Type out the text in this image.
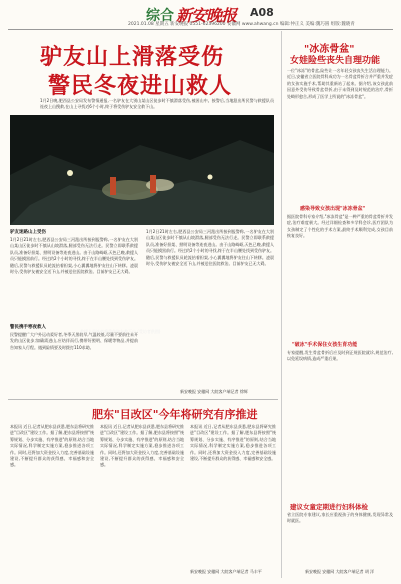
综合 新安晚报 A08
2021.01.08 星期五 新安晚报 0551-62396200 安徽网 www.ahwang.cn 编辑:仲正义 美编:魏巧圆 组版:魏晓青
驴友山上滑落受伤
警民冬夜进山救人
1月2日晚,肥西县公安局发布警情通报,一名驴友在大别山某山区徒步时不慎滑落受伤,被困山中。接警后,当地派出所民警与救援队员连夜上山搜救,在山上寻找近6个小时,终于将受伤驴友安全救下山。
救援人员连夜将受伤驴友救下山 (受访者供图)
驴友迷路山上受伤
1月2日21时左右,肥西县公安局三河派出所接到报警称,一名驴友在大别山某山区徒步时不慎从山坡滑落,腿部受伤无法行走。民警立即联系救援队员,准备好担架、照明设备等连夜进山。由于山路崎岖,天色已晚,救援人员只能摸黑前行。经过约2个小时的寻找,终于在半山腰处找到受伤驴友。随后,民警与救援队员轮流抬着担架,小心翼翼地将驴友往山下转移。凌晨时分,受伤驴友被安全送下山,并被送往医院救治。目前驴友已无大碍。
警民携手寒夜救人
民警提醒广大户外运动爱好者,冬季天黑较早,气温较低,尽量不要前往未开发的山区徒步;如确需进山,应结伴而行,携带好照明、保暖等物品,并提前告知家人行程。遇到险情要及时拨打110求助。
1月2日21时左右,肥西县公安局三河派出所接到报警称,一名驴友在大别山某山区徒步时不慎从山坡滑落,腿部受伤无法行走。民警立即联系救援队员,准备好担架、照明设备等连夜进山。由于山路崎岖,天色已晚,救援人员只能摸黑前行。经过约2个小时的寻找,终于在半山腰处找到受伤驴友。随后,民警与救援队员轮流抬着担架,小心翼翼地将驴友往山下转移。凌晨时分,受伤驴友被安全送下山,并被送往医院救治。目前驴友已无大碍。
新安晚报 安徽网 大皖客户端记者 徐辉
肥东"目改区"今年将研究有序推进
本报讯 近日,记者从肥东县获悉,肥东县将研究推进"目改区"建设工作。据了解,肥东县将按照"统筹规划、分步实施、有序推进"的原则,结合当地实际情况,科学制定实施方案,稳步推进各项工作。同时,还将加大资金投入力度,完善基础设施建设,不断提升群众的获得感、幸福感和安全感。
本报讯 近日,记者从肥东县获悉,肥东县将研究推进"目改区"建设工作。据了解,肥东县将按照"统筹规划、分步实施、有序推进"的原则,结合当地实际情况,科学制定实施方案,稳步推进各项工作。同时,还将加大资金投入力度,完善基础设施建设,不断提升群众的获得感、幸福感和安全感。
本报讯 近日,记者从肥东县获悉,肥东县将研究推进"目改区"建设工作。据了解,肥东县将按照"统筹规划、分步实施、有序推进"的原则,结合当地实际情况,科学制定实施方案,稳步推进各项工作。同时,还将加大资金投入力度,完善基础设施建设,不断提升群众的获得感、幸福感和安全感。
新安晚报 安徽网 大皖客户端记者 马丰平
"冰冻骨盆"
女娃险些丧失自理功能
一位"冰冻"的骨盆,险些让一名年轻女孩丧失生活自理能力。近日,安徽省立医院骨科成功为一名骨盆骨折合并严重并发症的女孩实施手术,帮助其重新站了起来。据介绍,该女孩此前因意外受伤导致骨盆骨折,由于未得到及时规范的治疗,骨折处畸形愈合,形成了医学上所说的"冰冻骨盆"。
感染导致女孩出现"冰冻骨盆"
据医院骨科专家介绍,"冰冻骨盆"是一种严重的骨盆骨折并发症,治疗难度极大。经过详细检查和多学科会诊,医疗团队为女孩制定了个性化的手术方案,最终手术顺利完成,女孩目前恢复良好。
"破冰"手术保住女孩生育功能
专家提醒,发生骨盆骨折后应及时到正规医院就诊,规范治疗,以免延误病情,造成严重后果。
建议女童定期进行妇科体检
省立医院专家建议,家长应重视孩子的身体健康,发现异常及时就医。
新安晚报 安徽网 大皖客户端记者 胡 洋
